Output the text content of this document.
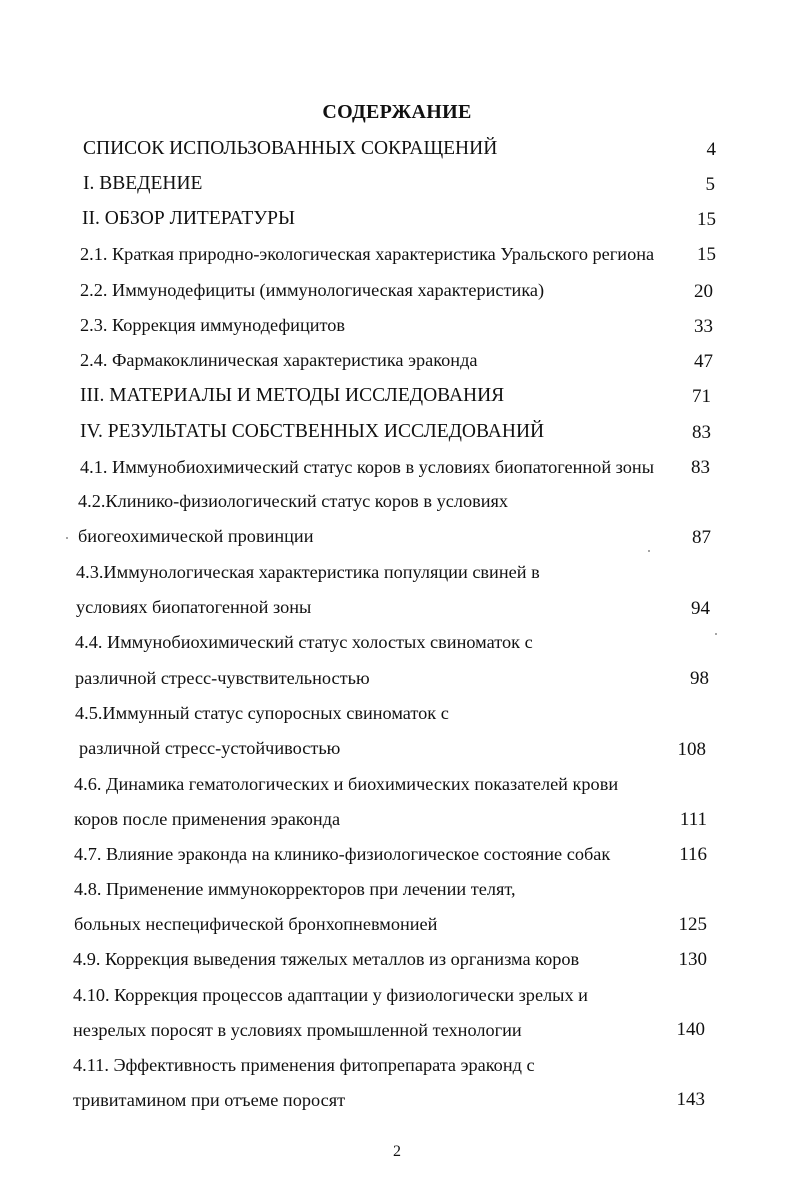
СОДЕРЖАНИЕ
СПИСОК ИСПОЛЬЗОВАННЫХ СОКРАЩЕНИЙ	4
I. ВВЕДЕНИЕ	5
II. ОБЗОР ЛИТЕРАТУРЫ	15
2.1. Краткая природно-экологическая характеристика Уральского региона	15
2.2. Иммунодефициты (иммунологическая характеристика)	20
2.3. Коррекция иммунодефицитов	33
2.4. Фармакоклиническая характеристика эраконда	47
III. МАТЕРИАЛЫ И МЕТОДЫ ИССЛЕДОВАНИЯ	71
IV. РЕЗУЛЬТАТЫ СОБСТВЕННЫХ ИССЛЕДОВАНИЙ	83
4.1. Иммунобиохимический статус коров в условиях биопатогенной зоны	83
4.2.Клинико-физиологический статус коров в условиях
биогеохимической провинции	87
4.3.Иммунологическая характеристика популяции свиней в
условиях биопатогенной зоны	94
4.4. Иммунобиохимический статус холостых свиноматок с
различной стресс-чувствительностью	98
4.5.Иммунный статус супоросных свиноматок с
различной стресс-устойчивостью	108
4.6. Динамика гематологических и биохимических показателей крови
коров после применения эраконда	111
4.7. Влияние эраконда на клинико-физиологическое состояние собак	116
4.8. Применение иммунокорректоров при лечении телят,
больных неспецифической бронхопневмонией	125
4.9. Коррекция выведения тяжелых металлов из организма коров	130
4.10. Коррекция процессов адаптации у физиологически зрелых и
незрелых поросят в условиях промышленной технологии	140
4.11. Эффективность применения фитопрепарата эраконд с
тривитамином при отъеме поросят	143
2
